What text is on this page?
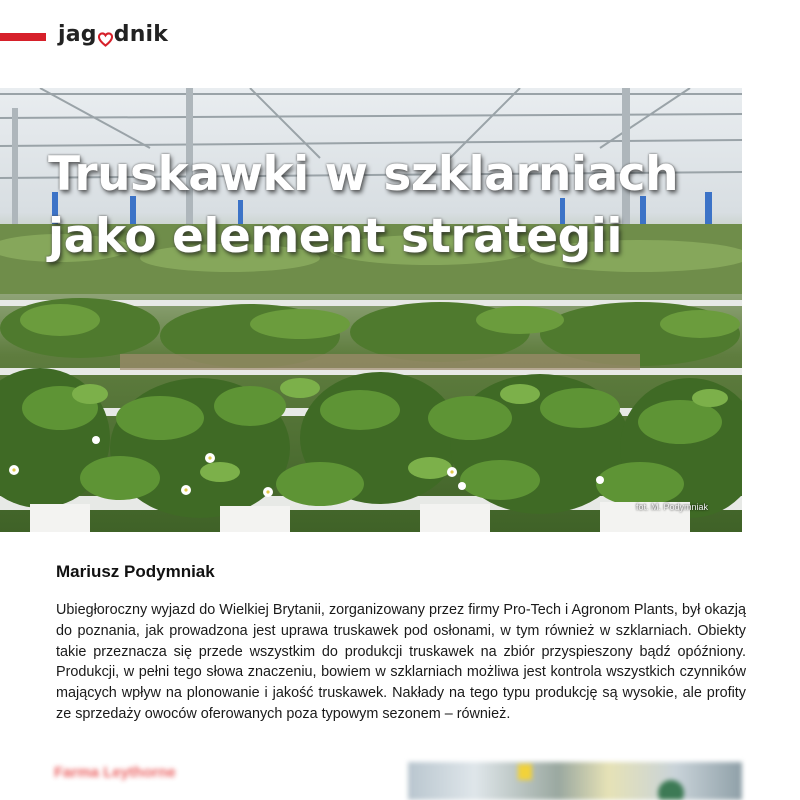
jag dnik
Truskawki w szklarniach
jako element strategii
fot. M. Podymniak
Mariusz Podymniak

Ubiegłoroczny wyjazd do Wielkiej Brytanii, zorganizowany przez firmy Pro-Tech i Agronom Plants, był okazją do poznania, jak prowadzona jest uprawa truskawek pod osłonami, w tym również w szklarniach. Obiekty takie przeznacza się przede wszystkim do produkcji truskawek na zbiór przyspieszony bądź opóźniony. Produkcji, w pełni tego słowa znaczeniu, bowiem w szklarniach możliwa jest kontrola wszystkich czynników mających wpływ na plonowanie i jakość truskawek. Nakłady na tego typu produkcję są wysokie, ale profity ze sprzedaży owoców oferowanych poza typowym sezonem – również.

Farma Leythorne
